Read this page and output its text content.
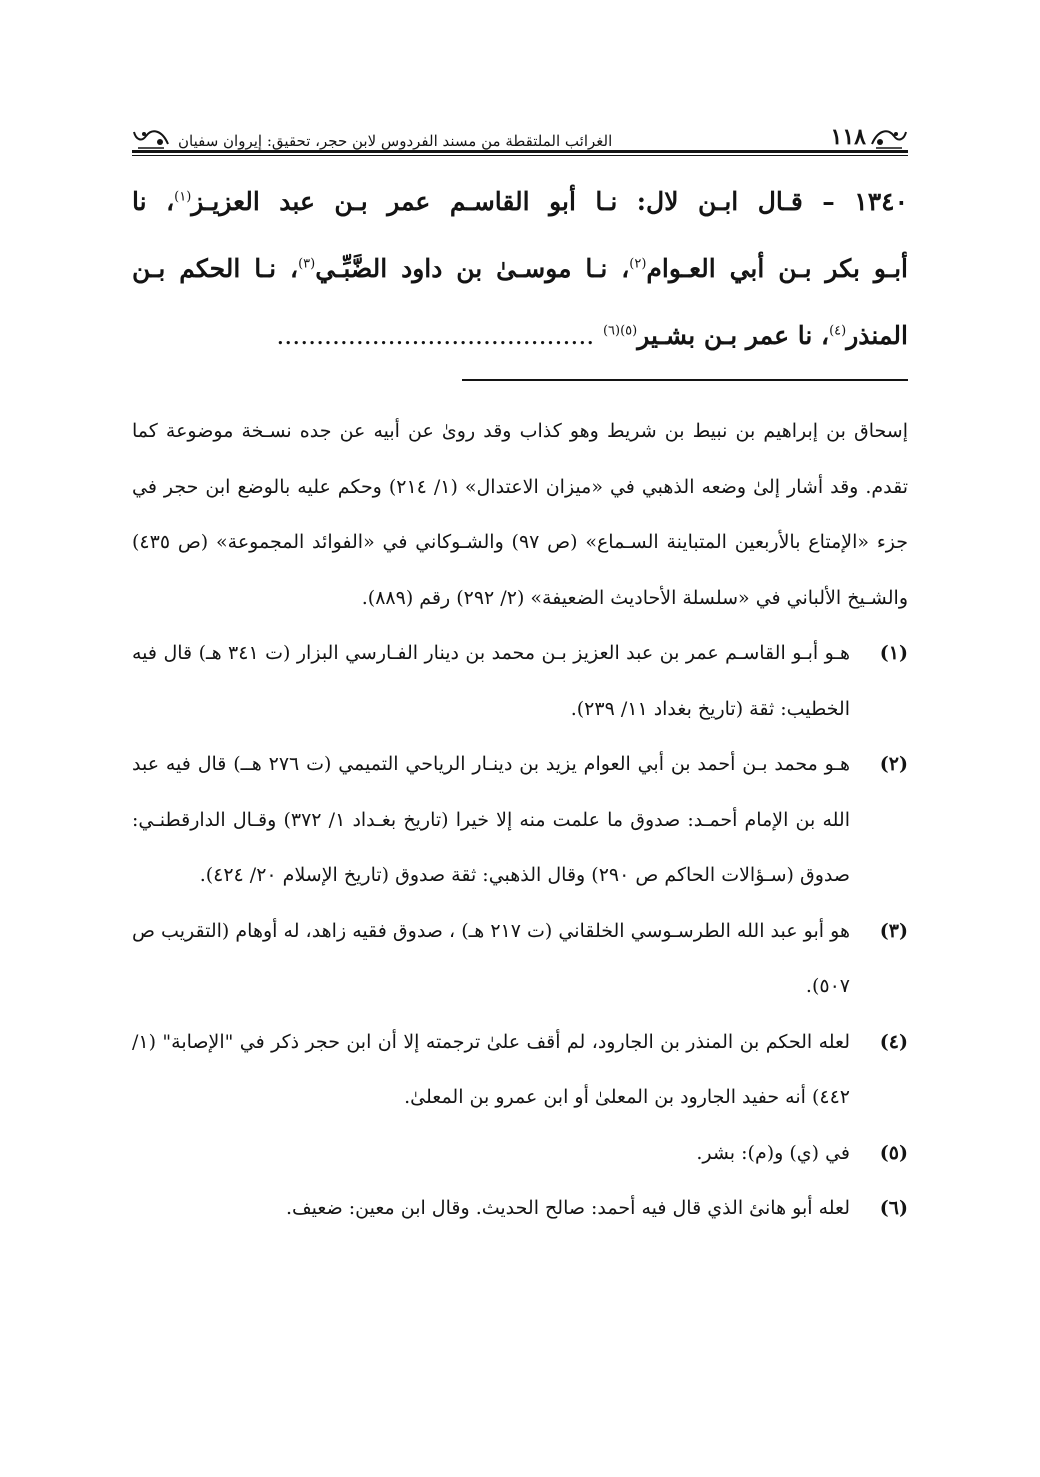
١١٨
الغرائب الملتقطة من مسند الفردوس لابن حجر، تحقيق: إيروان سفيان
١٣٤٠ – قـال ابـن لال: نـا أبو القاسـم عمر بـن عبد العزيـز$^{(١)}$، نا
أبـو بكر بـن أبي العـوام$^{(٢)}$، نـا موسـىٰ بن داود الضَّبِّـي$^{(٣)}$، نـا الحكم بـن
المنذر$^{(٤)}$، نا عمر بـن بشـير$^{(٥)(٦)}$ ........................................
إسحاق بن إبراهيم بن نبيط بن شريط وهو كذاب وقد روىٰ عن أبيه عن جده نسـخة موضوعة كما تقدم. وقد أشار إلىٰ وضعه الذهبي في «ميزان الاعتدال» (١/ ٢١٤) وحكم عليه بالوضع ابن حجر في جزء «الإمتاع بالأربعين المتباينة السـماع» (ص ٩٧) والشـوكاني في «الفوائد المجموعة» (ص ٤٣٥) والشـيخ الألباني في «سلسلة الأحاديث الضعيفة» (٢/ ٢٩٢) رقم (٨٨٩).
(١)
هـو أبـو القاسـم عمر بن عبد العزيز بـن محمد بن دينار الفـارسي البزار (ت ٣٤١ هـ) قال فيه الخطيب: ثقة (تاريخ بغداد ١١/ ٢٣٩).
(٢)
هـو محمد بـن أحمد بن أبي العوام يزيد بن دينـار الرياحي التميمي (ت ٢٧٦ هــ) قال فيه عبد الله بن الإمام أحمـد: صدوق ما علمت منه إلا خيرا (تاريخ بغـداد ١/ ٣٧٢) وقـال الدارقطنـي: صدوق (سـؤالات الحاكم ص ٢٩٠) وقال الذهبي: ثقة صدوق (تاريخ الإسلام ٢٠/ ٤٢٤).
(٣)
هو أبو عبد الله الطرسـوسي الخلقاني (ت ٢١٧ هـ) ، صدوق فقيه زاهد، له أوهام (التقريب ص ٥٠٧).
(٤)
لعله الحكم بن المنذر بن الجارود، لم أقف علىٰ ترجمته إلا أن ابن حجر ذكر في "الإصابة" (١/ ٤٤٢) أنه حفيد الجارود بن المعلىٰ أو ابن عمرو بن المعلىٰ.
(٥)
في (ي) و(م): بشر.
(٦)
لعله أبو هانئ الذي قال فيه أحمد: صالح الحديث. وقال ابن معين: ضعيف.
